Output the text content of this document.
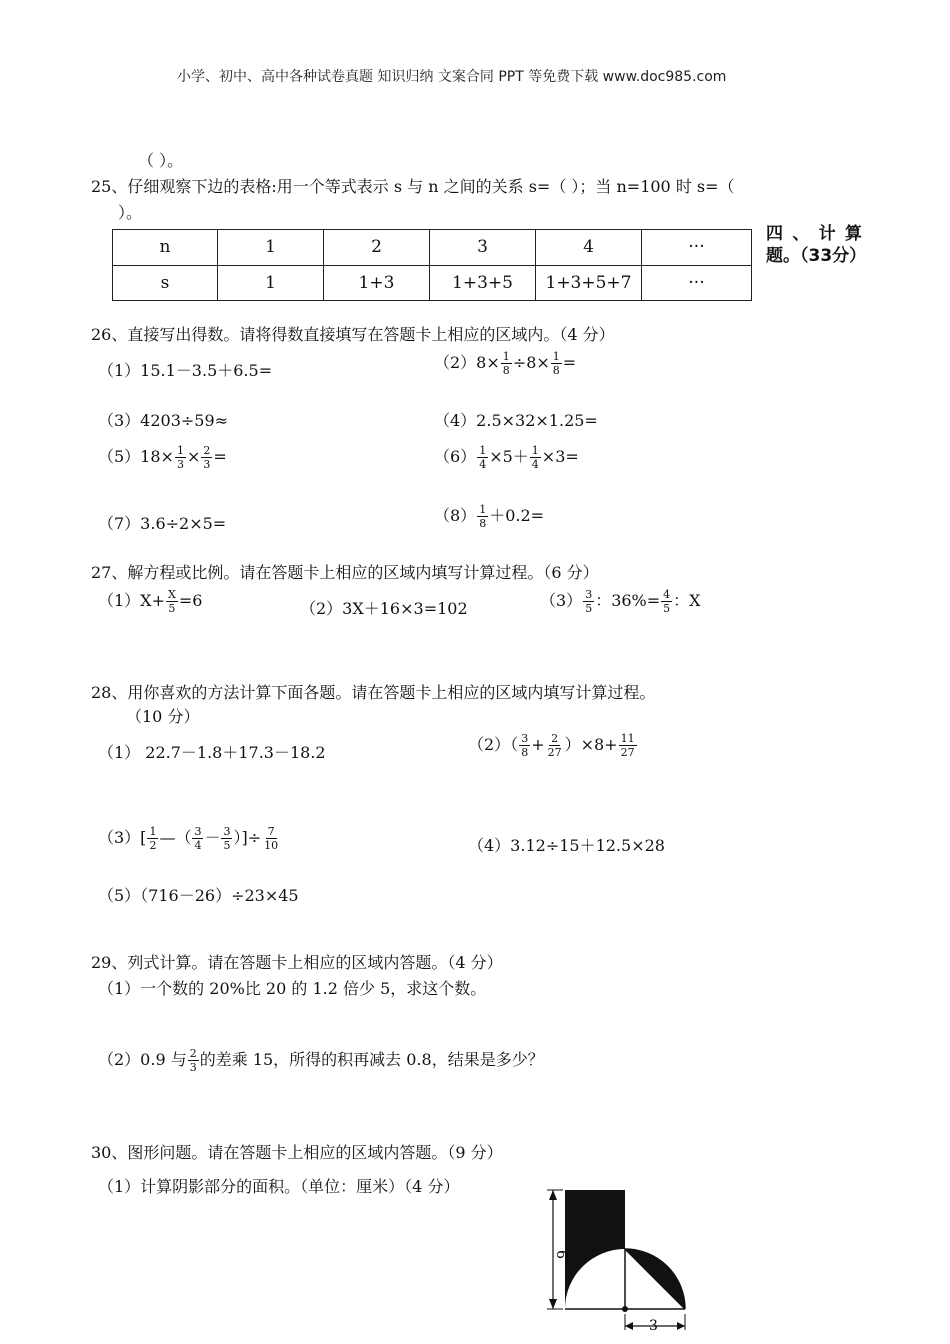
小学、初中、高中各种试卷真题 知识归纳 文案合同 PPT 等免费下载 www.doc985.com
（ ）。
25、仔细观察下边的表格:用一个等式表示 s 与 n 之间的关系 s=（ ）；当 n=100 时 s=（
）。
n	1	2	3	4	···
s	1	1+3	1+3+5	1+3+5+7	···
四、计算题。（33分）
26、直接写出得数。请将得数直接填写在答题卡上相应的区域内。（4 分）
（1）15.1－3.5＋6.5=	$(2)8\times \frac{1}{8} \div 8\times \frac{1}{8}$ =
（3）4203÷59≈	（4）2.5×32×1.25=
$(5)18\times \frac{1}{3} \times \frac{2}{3}$ =	$(6) \frac{1}{4} \times 5+ \frac{1}{4} \times 3=$
（7）3.6÷2×5=	$(8) \frac{1}{8} +0.2=$
27、解方程或比例。请在答题卡上相应的区域内填写计算过程。（6 分）
$(1)X+ \frac{X}{5} =6$	（2）3X＋16×3=102	$(3) \frac{3}{5}$ ：$36\%= \frac{4}{5}$ ：X
28、用你喜欢的方法计算下面各题。请在答题卡上相应的区域内填写计算过程。
（10 分）
（1） 22.7－1.8＋17.3－18.2	$(2)( \frac{3}{8} + \frac{2}{27} )\times 8+ \frac{11}{27}$
$(3)[ \frac{1}{2}$ —（ $\frac{3}{4} - \frac{3}{5}$ ）]÷ $\frac{7}{10}$	（4）3.12÷15＋12.5×28
（5）（716－26）÷23×45
29、列式计算。请在答题卡上相应的区域内答题。（4 分）
（1）一个数的 20%比 20 的 1.2 倍少 5，求这个数。
（2）0.9 与 $\frac{2}{3}$ 的差乘 15，所得的积再减去 0.8，结果是多少？
30、图形问题。请在答题卡上相应的区域内答题。（9 分）
（1）计算阴影部分的面积。（单位：厘米）（4 分）
6
3
